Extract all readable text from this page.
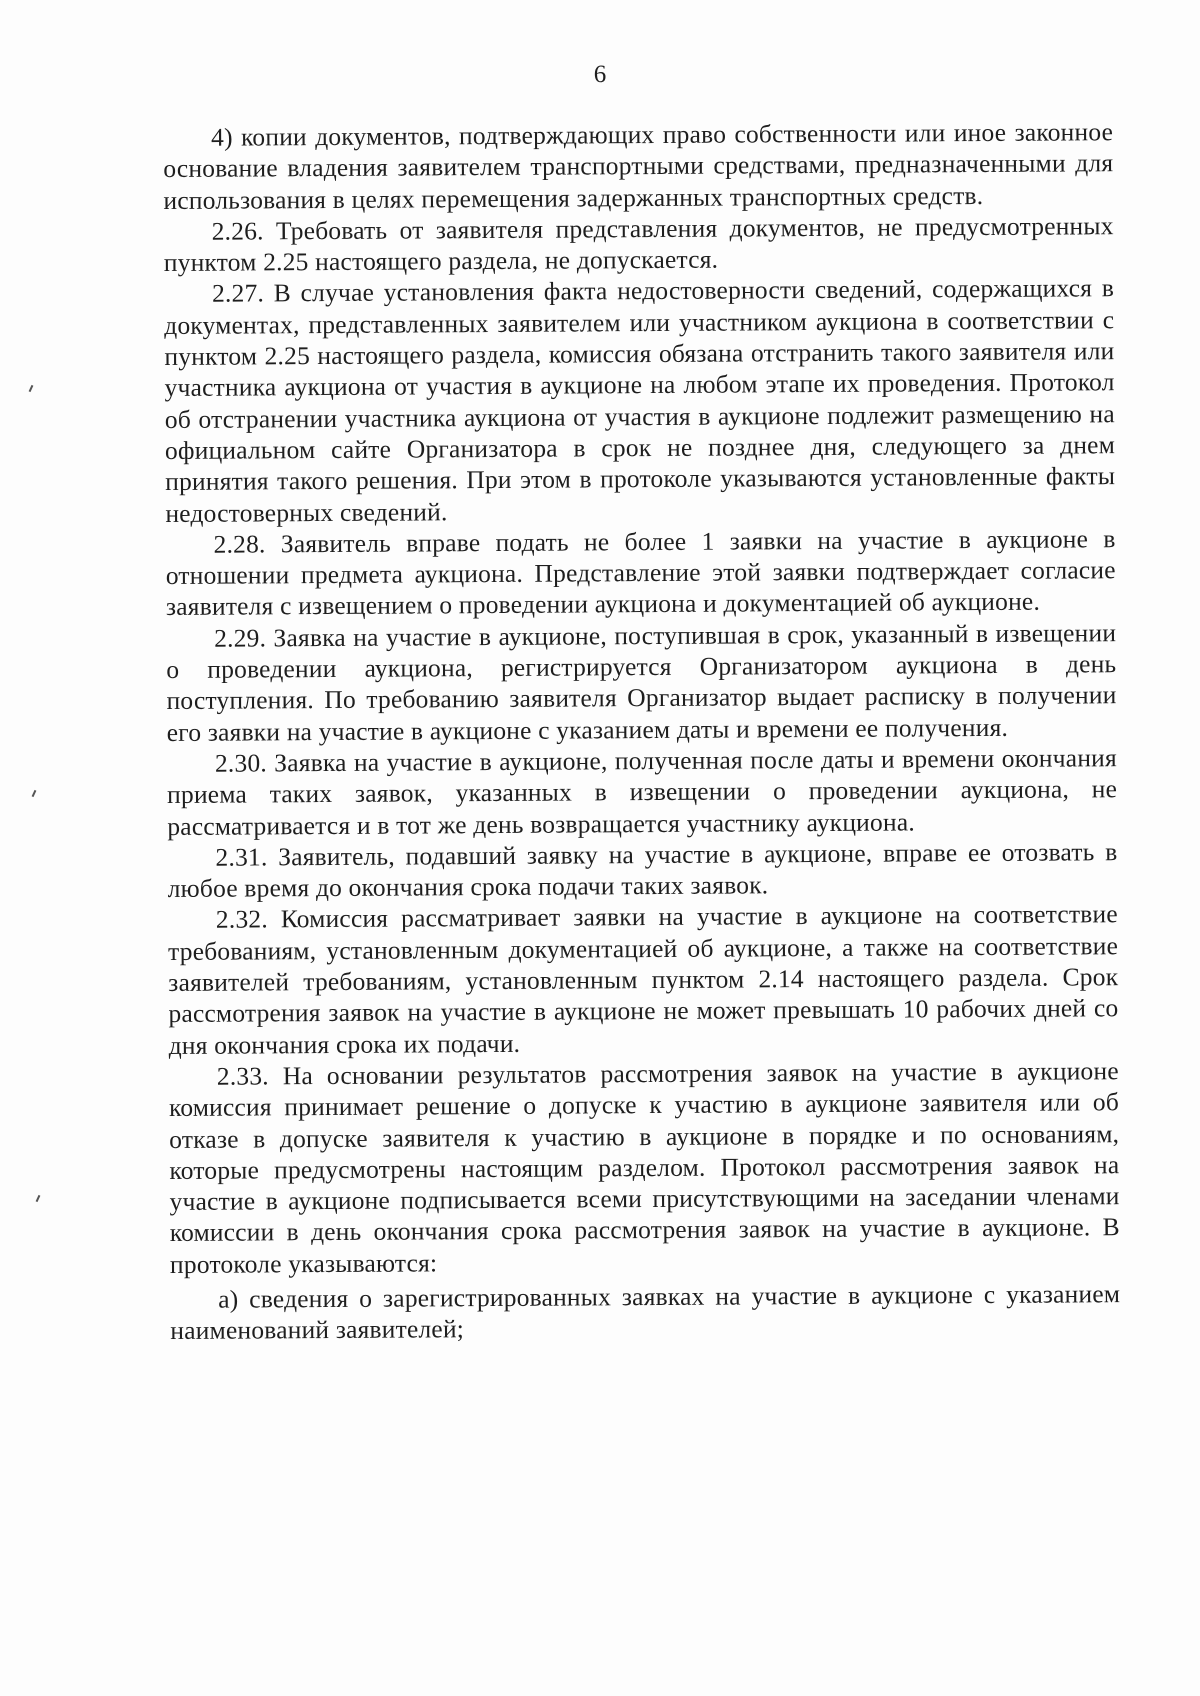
6

4) копии документов, подтверждающих право собственности или иное законное основание владения заявителем транспортными средствами, предназначенными для использования в целях перемещения задержанных транспортных средств.

2.26. Требовать от заявителя представления документов, не предусмотренных пунктом 2.25 настоящего раздела, не допускается.

2.27. В случае установления факта недостоверности сведений, содержащихся в документах, представленных заявителем или участником аукциона в соответствии с пунктом 2.25 настоящего раздела, комиссия обязана отстранить такого заявителя или участника аукциона от участия в аукционе на любом этапе их проведения. Протокол об отстранении участника аукциона от участия в аукционе подлежит размещению на официальном сайте Организатора в срок не позднее дня, следующего за днем принятия такого решения. При этом в протоколе указываются установленные факты недостоверных сведений.

2.28. Заявитель вправе подать не более 1 заявки на участие в аукционе в отношении предмета аукциона. Представление этой заявки подтверждает согласие заявителя с извещением о проведении аукциона и документацией об аукционе.

2.29. Заявка на участие в аукционе, поступившая в срок, указанный в извещении о проведении аукциона, регистрируется Организатором аукциона в день поступления. По требованию заявителя Организатор выдает расписку в получении его заявки на участие в аукционе с указанием даты и времени ее получения.

2.30. Заявка на участие в аукционе, полученная после даты и времени окончания приема таких заявок, указанных в извещении о проведении аукциона, не рассматривается и в тот же день возвращается участнику аукциона.

2.31. Заявитель, подавший заявку на участие в аукционе, вправе ее отозвать в любое время до окончания срока подачи таких заявок.

2.32. Комиссия рассматривает заявки на участие в аукционе на соответствие требованиям, установленным документацией об аукционе, а также на соответствие заявителей требованиям, установленным пунктом 2.14 настоящего раздела. Срок рассмотрения заявок на участие в аукционе не может превышать 10 рабочих дней со дня окончания срока их подачи.

2.33. На основании результатов рассмотрения заявок на участие в аукционе комиссия принимает решение о допуске к участию в аукционе заявителя или об отказе в допуске заявителя к участию в аукционе в порядке и по основаниям, которые предусмотрены настоящим разделом. Протокол рассмотрения заявок на участие в аукционе подписывается всеми присутствующими на заседании членами комиссии в день окончания срока рассмотрения заявок на участие в аукционе. В протоколе указываются:

а) сведения о зарегистрированных заявках на участие в аукционе с указанием наименований заявителей;
